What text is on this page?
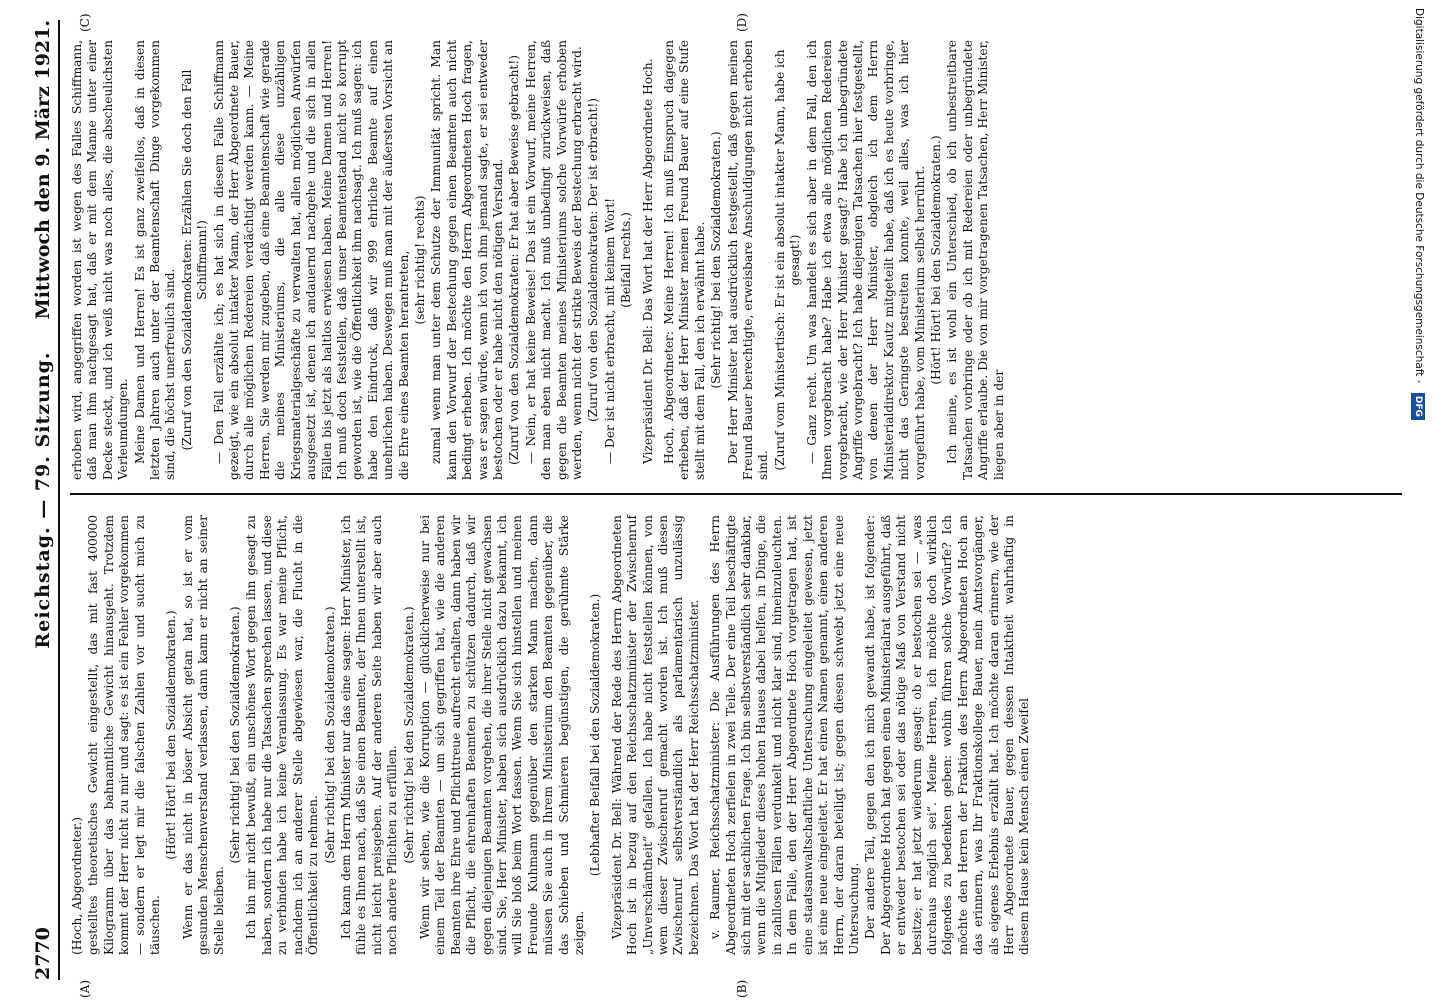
2770
Reichstag. — 79. Sitzung.
Mittwoch den 9. März 1921.
(A)	(B)
(C)	(D)

(Hoch, Abgeordneter.) gestelltes theoretisches Gewicht eingestellt, das mit fast 400000 Kilogramm über das bahnamtliche Gewicht hinausgeht. Trotzdem kommt der Herr nicht zu mir und sagt: es ist ein Fehler vorgekommen — sondern er legt mir die falschen Zahlen vor und sucht mich zu täuschen.

(Hört! Hört! bei den Sozialdemokraten.) Wenn er das nicht in böser Absicht getan hat, so ist er vom gesunden Menschenverstand verlassen, dann kann er nicht an seiner Stelle bleiben.

(Sehr richtig! bei den Sozialdemokraten.) Ich bin mir nicht bewußt, ein unschönes Wort gegen ihn gesagt zu haben, sondern ich habe nur die Tatsachen sprechen lassen, und diese zu verbinden habe ich keine Veranlassung. Es war meine Pflicht, nachdem ich an anderer Stelle abgewiesen war, die Flucht in die Öffentlichkeit zu nehmen.

(Sehr richtig! bei den Sozialdemokraten.) Ich kann dem Herrn Minister nur das eine sagen: Herr Minister, ich fühle es Ihnen nach, daß Sie einen Beamten, der Ihnen unterstellt ist, nicht leicht preisgeben. Auf der anderen Seite haben wir aber auch noch andere Pflichten zu erfüllen. (Sehr richtig! bei den Sozialdemokraten.) Wenn wir sehen, wie die Korruption — glücklicherweise nur bei einem Teil der Beamten — um sich gegriffen hat, wie die anderen Beamten ihre Ehre und Pflichttreue aufrecht erhalten, dann haben wir die Pflicht, die ehrenhaften Beamten zu schützen dadurch, daß wir gegen diejenigen Beamten vorgehen, die ihrer Stelle nicht gewachsen sind. Sie, Herr Minister, haben sich ausdrücklich dazu bekannt, ich will Sie bloß beim Wort fassen. Wenn Sie sich hinstellen und meinen Freunde Kuhmann gegenüber den starken Mann machen, dann müssen Sie auch in Ihrem Ministerium den Beamten gegenüber, die das Schieben und Schmieren begünstigen, die gerühmte Stärke zeigen.

(Lebhafter Beifall bei den Sozialdemokraten.) Vizepräsident Dr. Bell: Während der Rede des Herrn Abgeordneten Hoch ist in bezug auf den Reichsschatzminister der Zwischenruf „Unverschämtheit“ gefallen. Ich habe nicht feststellen können, von wem dieser Zwischenruf gemacht worden ist. Ich muß diesen Zwischenruf selbstverständlich als parlamentarisch unzulässig bezeichnen. Das Wort hat der Herr Reichsschatzminister. v. Raumer, Reichsschatzminister: Die Ausführungen des Herrn Abgeordneten Hoch zerfielen in zwei Teile. Der eine Teil beschäftigte sich mit der sachlichen Frage. Ich bin selbstverständlich sehr dankbar, wenn die Mitglieder dieses hohen Hauses dabei helfen, in Dinge, die in zahllosen Fällen verdunkelt und nicht klar sind, hineinzuleuchten. In dem Falle, den der Herr Abgeordnete Hoch vorgetragen hat, ist eine staatsanwaltschaftliche Untersuchung eingeleitet gewesen, jetzt ist eine neue eingeleitet. Er hat einen Namen genannt, einen anderen Herrn, der daran beteiligt ist; gegen diesen schwebt jetzt eine neue Untersuchung. Der andere Teil, gegen den ich mich gewandt habe, ist folgender: Der Abgeordnete Hoch hat gegen einen Ministerialrat ausgeführt, daß er entweder bestochen sei oder das nötige Maß von Verstand nicht besitze; er hat jetzt wiederum gesagt: ob er bestochen sei — „was durchaus möglich sei“. Meine Herren, ich möchte doch wirklich folgendes zu bedenken geben: wohin führen solche Vorwürfe? Ich möchte den Herren der Fraktion des Herrn Abgeordneten Hoch an das erinnern, was Ihr Fraktionskollege Bauer, mein Amtsvorgänger, als eigenes Erlebnis erzählt hat. Ich möchte daran erinnern, wie der Herr Abgeordnete Bauer, gegen dessen Intaktheit wahrhaftig in diesem Hause kein Mensch einen Zweifel

erhoben wird, angegriffen worden ist wegen des Falles Schiffmann, daß man ihm nachgesagt hat, daß er mit dem Manne unter einer Decke steckt, und ich weiß nicht was noch alles, die abscheulichsten Verleumdungen. Meine Damen und Herren! Es ist ganz zweifellos, daß in diesen letzten Jahren auch unter der Beamtenschaft Dinge vorgekommen sind, die höchst unerfreulich sind. (Zuruf von den Sozialdemokraten: Erzählen Sie doch den Fall Schiffmann!) — Den Fall erzählte ich; es hat sich in diesem Falle Schiffmann gezeigt, wie ein absolut intakter Mann, der Herr Abgeordnete Bauer, durch alle möglichen Redereien verdächtigt werden kann. — Meine Herren, Sie werden mir zugeben, daß eine Beamtenschaft wie gerade die meines Ministeriums, die alle diese unzähligen Kriegsmaterialgeschäfte zu verwalten hat, allen möglichen Anwürfen ausgesetzt ist, denen ich andauernd nachgehe und die sich in allen Fällen bis jetzt als haltlos erwiesen haben. Meine Damen und Herren! Ich muß doch feststellen, daß unser Beamtenstand nicht so korrupt geworden ist, wie die Öffentlichkeit ihm nachsagt. Ich muß sagen: ich habe den Eindruck, daß wir 999 ehrliche Beamte auf einen unehrlichen haben. Deswegen muß man mit der äußersten Vorsicht an die Ehre eines Beamten herantreten, (sehr richtig! rechts) zumal wenn man unter dem Schutze der Immunität spricht. Man kann den Vorwurf der Bestechung gegen einen Beamten auch nicht bedingt erheben. Ich möchte den Herrn Abgeordneten Hoch fragen, was er sagen würde, wenn ich von ihm jemand sagte, er sei entweder bestochen oder er habe nicht den nötigen Verstand. (Zuruf von den Sozialdemokraten: Er hat aber Beweise gebracht!) — Nein, er hat keine Beweise! Das ist ein Vorwurf, meine Herren, den man eben nicht macht. Ich muß unbedingt zurückweisen, daß gegen die Beamten meines Ministeriums solche Vorwürfe erhoben werden, wenn nicht der strikte Beweis der Bestechung erbracht wird. (Zuruf von den Sozialdemokraten: Der ist erbracht!) — Der ist nicht erbracht, mit keinem Wort! (Beifall rechts.) Vizepräsident Dr. Bell: Das Wort hat der Herr Abgeordnete Hoch. Hoch, Abgeordneter: Meine Herren! Ich muß Einspruch dagegen erheben, daß der Herr Minister meinen Freund Bauer auf eine Stufe stellt mit dem Fall, den ich erwähnt habe. (Sehr richtig! bei den Sozialdemokraten.) Der Herr Minister hat ausdrücklich festgestellt, daß gegen meinen Freund Bauer berechtigte, erweisbare Anschuldigungen nicht erhoben sind. (Zuruf vom Ministertisch: Er ist ein absolut intakter Mann, habe ich gesagt!) — Ganz recht. Um was handelt es sich aber in dem Fall, den ich Ihnen vorgebracht habe? Habe ich etwa alle möglichen Redereien vorgebracht, wie der Herr Minister gesagt? Habe ich unbegründete Angriffe vorgebracht? Ich habe diejenigen Tatsachen hier festgestellt, von denen der Herr Minister, obgleich ich dem Herrn Ministerialdirektor Kautz mitgeteilt habe, daß ich es heute vorbringe, nicht das Geringste bestreiten konnte, weil alles, was ich hier vorgeführt habe, vom Ministerium selbst herrührt. (Hört! Hört! bei den Sozialdemokraten.) Ich meine, es ist wohl ein Unterschied, ob ich unbestreitbare Tatsachen vorbringe oder ob ich mit Redereien oder unbegründete Angriffe erlaube. Die von mir vorgetragenen Tatsachen, Herr Minister, liegen aber in der

Digitalisierung gefördert durch die Deutsche Forschungsgemeinschaft - DFG
